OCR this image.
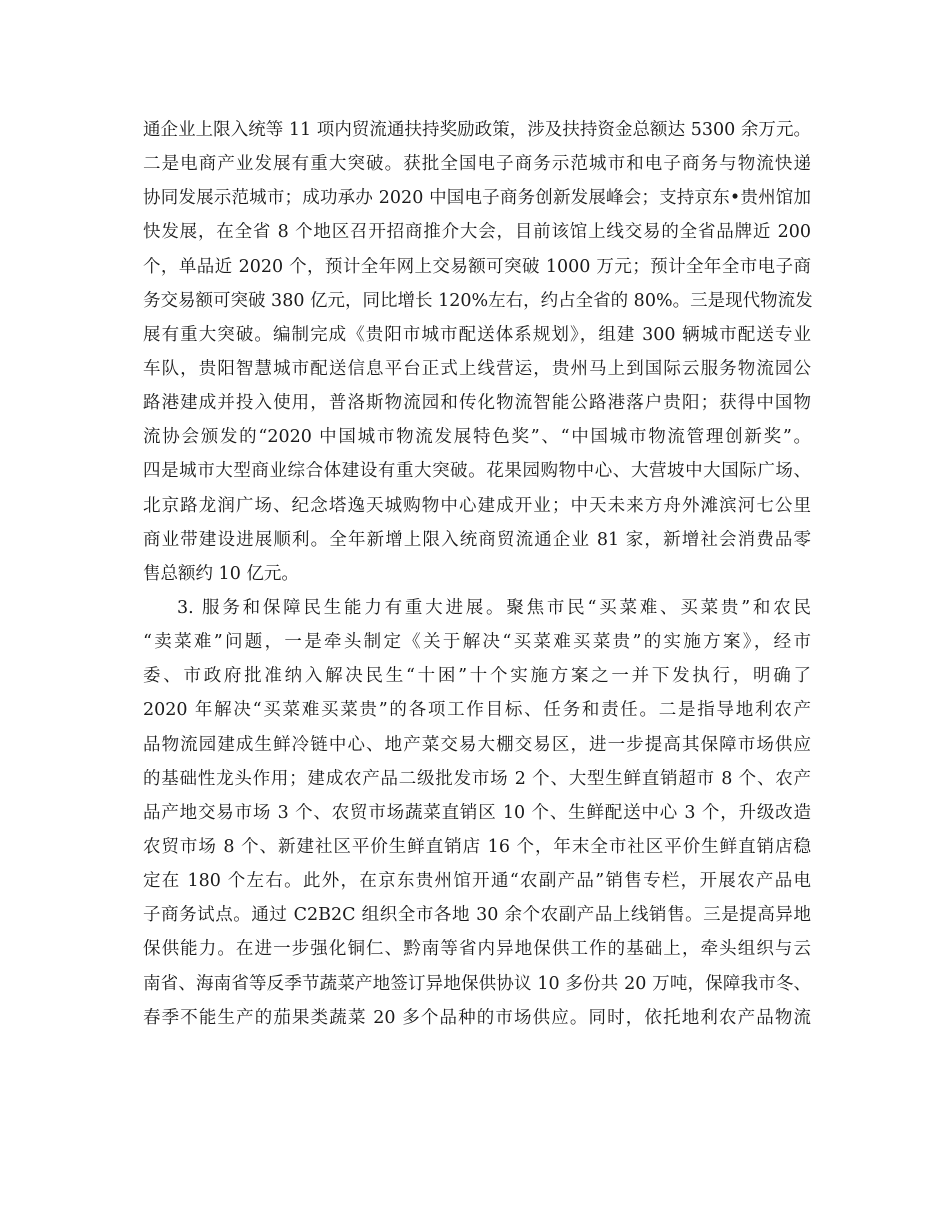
通企业上限入统等 11 项内贸流通扶持奖励政策，涉及扶持资金总额达 5300 余万元。
二是电商产业发展有重大突破。获批全国电子商务示范城市和电子商务与物流快递
协同发展示范城市；成功承办 2020 中国电子商务创新发展峰会；支持京东•贵州馆加
快发展，在全省 8 个地区召开招商推介大会，目前该馆上线交易的全省品牌近 200
个，单品近 2020 个，预计全年网上交易额可突破 1000 万元；预计全年全市电子商
务交易额可突破 380 亿元，同比增长 120%左右，约占全省的 80%。三是现代物流发
展有重大突破。编制完成《贵阳市城市配送体系规划》，组建 300 辆城市配送专业
车队，贵阳智慧城市配送信息平台正式上线营运，贵州马上到国际云服务物流园公
路港建成并投入使用，普洛斯物流园和传化物流智能公路港落户贵阳；获得中国物
流协会颁发的“2020 中国城市物流发展特色奖”、“中国城市物流管理创新奖”。
四是城市大型商业综合体建设有重大突破。花果园购物中心、大营坡中大国际广场、
北京路龙润广场、纪念塔逸天城购物中心建成开业；中天未来方舟外滩滨河七公里
商业带建设进展顺利。全年新增上限入统商贸流通企业 81 家，新增社会消费品零
售总额约 10 亿元。
3. 服务和保障民生能力有重大进展。聚焦市民“买菜难、买菜贵”和农民
“卖菜难”问题，一是牵头制定《关于解决“买菜难买菜贵”的实施方案》，经市
委、市政府批准纳入解决民生“十困”十个实施方案之一并下发执行，明确了
2020 年解决“买菜难买菜贵”的各项工作目标、任务和责任。二是指导地利农产
品物流园建成生鲜冷链中心、地产菜交易大棚交易区，进一步提高其保障市场供应
的基础性龙头作用；建成农产品二级批发市场 2 个、大型生鲜直销超市 8 个、农产
品产地交易市场 3 个、农贸市场蔬菜直销区 10 个、生鲜配送中心 3 个，升级改造
农贸市场 8 个、新建社区平价生鲜直销店 16 个，年末全市社区平价生鲜直销店稳
定在 180 个左右。此外，在京东贵州馆开通“农副产品”销售专栏，开展农产品电
子商务试点。通过 C2B2C 组织全市各地 30 余个农副产品上线销售。三是提高异地
保供能力。在进一步强化铜仁、黔南等省内异地保供工作的基础上，牵头组织与云
南省、海南省等反季节蔬菜产地签订异地保供协议 10 多份共 20 万吨，保障我市冬、
春季不能生产的茄果类蔬菜 20 多个品种的市场供应。同时，依托地利农产品物流
